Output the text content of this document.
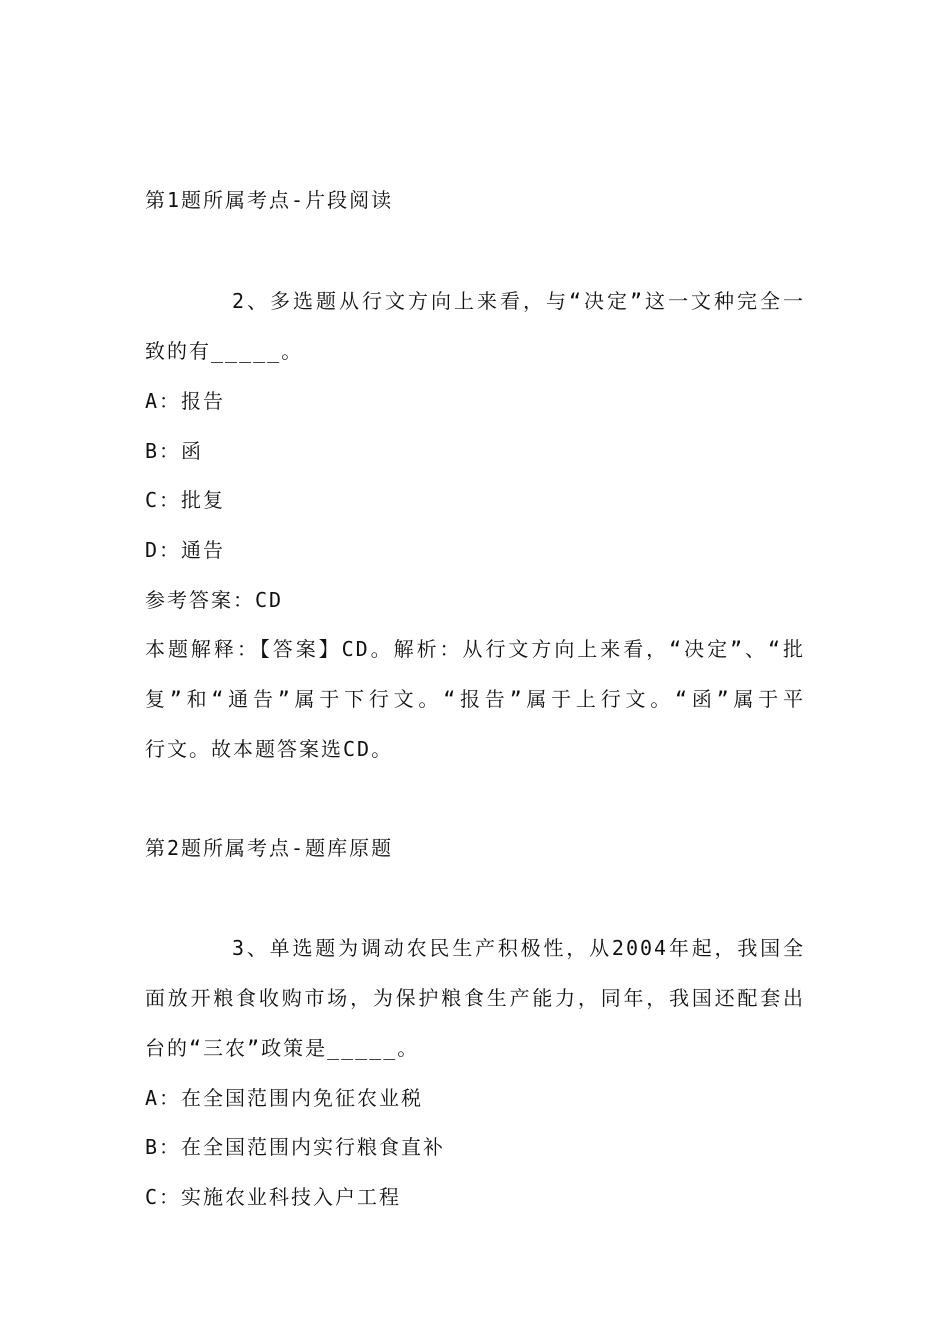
第1题所属考点-片段阅读
2、多选题从行文方向上来看，与“决定”这一文种完全一
致的有_____。
A：报告
B：函
C：批复
D：通告
参考答案：CD
本题解释：【答案】CD。解析：从行文方向上来看，“决定”、“批
复”和“通告”属于下行文。“报告”属于上行文。“函”属于平
行文。故本题答案选CD。
第2题所属考点-题库原题
3、单选题为调动农民生产积极性，从2004年起，我国全
面放开粮食收购市场，为保护粮食生产能力，同年，我国还配套出
台的“三农”政策是_____。
A：在全国范围内免征农业税
B：在全国范围内实行粮食直补
C：实施农业科技入户工程
